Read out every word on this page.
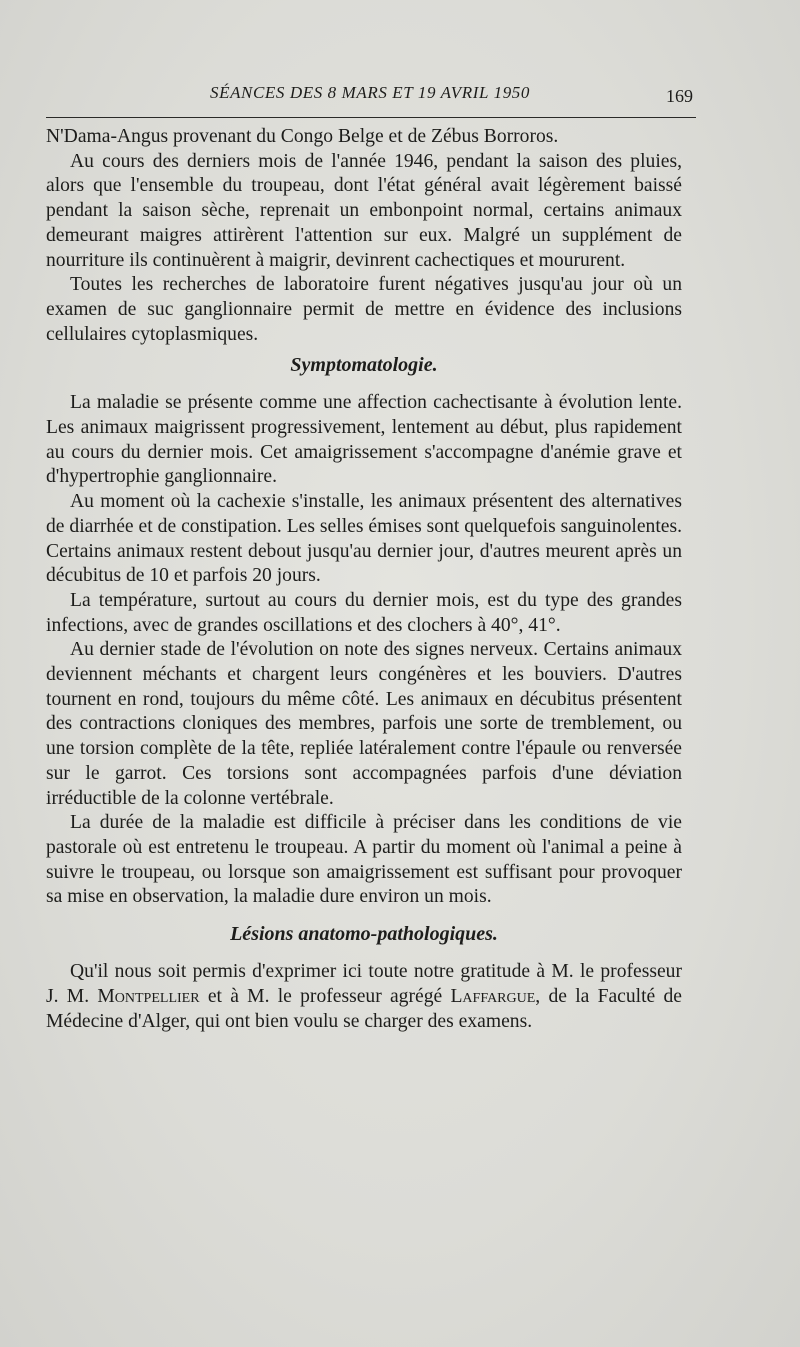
SÉANCES DES 8 MARS ET 19 AVRIL 1950	169

N'Dama-Angus provenant du Congo Belge et de Zébus Borroros.

Au cours des derniers mois de l'année 1946, pendant la saison des pluies, alors que l'ensemble du troupeau, dont l'état général avait légèrement baissé pendant la saison sèche, reprenait un embonpoint normal, certains animaux demeurant maigres attirèrent l'attention sur eux. Malgré un supplément de nourriture ils continuèrent à maigrir, devinrent cachectiques et moururent.

Toutes les recherches de laboratoire furent négatives jusqu'au jour où un examen de suc ganglionnaire permit de mettre en évidence des inclusions cellulaires cytoplasmiques.

Symptomatologie.

La maladie se présente comme une affection cachectisante à évolution lente. Les animaux maigrissent progressivement, lentement au début, plus rapidement au cours du dernier mois. Cet amaigrissement s'accompagne d'anémie grave et d'hypertrophie ganglionnaire.

Au moment où la cachexie s'installe, les animaux présentent des alternatives de diarrhée et de constipation. Les selles émises sont quelquefois sanguinolentes. Certains animaux restent debout jusqu'au dernier jour, d'autres meurent après un décubitus de 10 et parfois 20 jours.

La température, surtout au cours du dernier mois, est du type des grandes infections, avec de grandes oscillations et des clochers à 40°, 41°.

Au dernier stade de l'évolution on note des signes nerveux. Certains animaux deviennent méchants et chargent leurs congénères et les bouviers. D'autres tournent en rond, toujours du même côté. Les animaux en décubitus présentent des contractions cloniques des membres, parfois une sorte de tremblement, ou une torsion complète de la tête, repliée latéralement contre l'épaule ou renversée sur le garrot. Ces torsions sont accompagnées parfois d'une déviation irréductible de la colonne vertébrale.

La durée de la maladie est difficile à préciser dans les conditions de vie pastorale où est entretenu le troupeau. A partir du moment où l'animal a peine à suivre le troupeau, ou lorsque son amaigrissement est suffisant pour provoquer sa mise en observation, la maladie dure environ un mois.

Lésions anatomo-pathologiques.

Qu'il nous soit permis d'exprimer ici toute notre gratitude à M. le professeur J. M. Montpellier et à M. le professeur agrégé Laffargue, de la Faculté de Médecine d'Alger, qui ont bien voulu se charger des examens.
